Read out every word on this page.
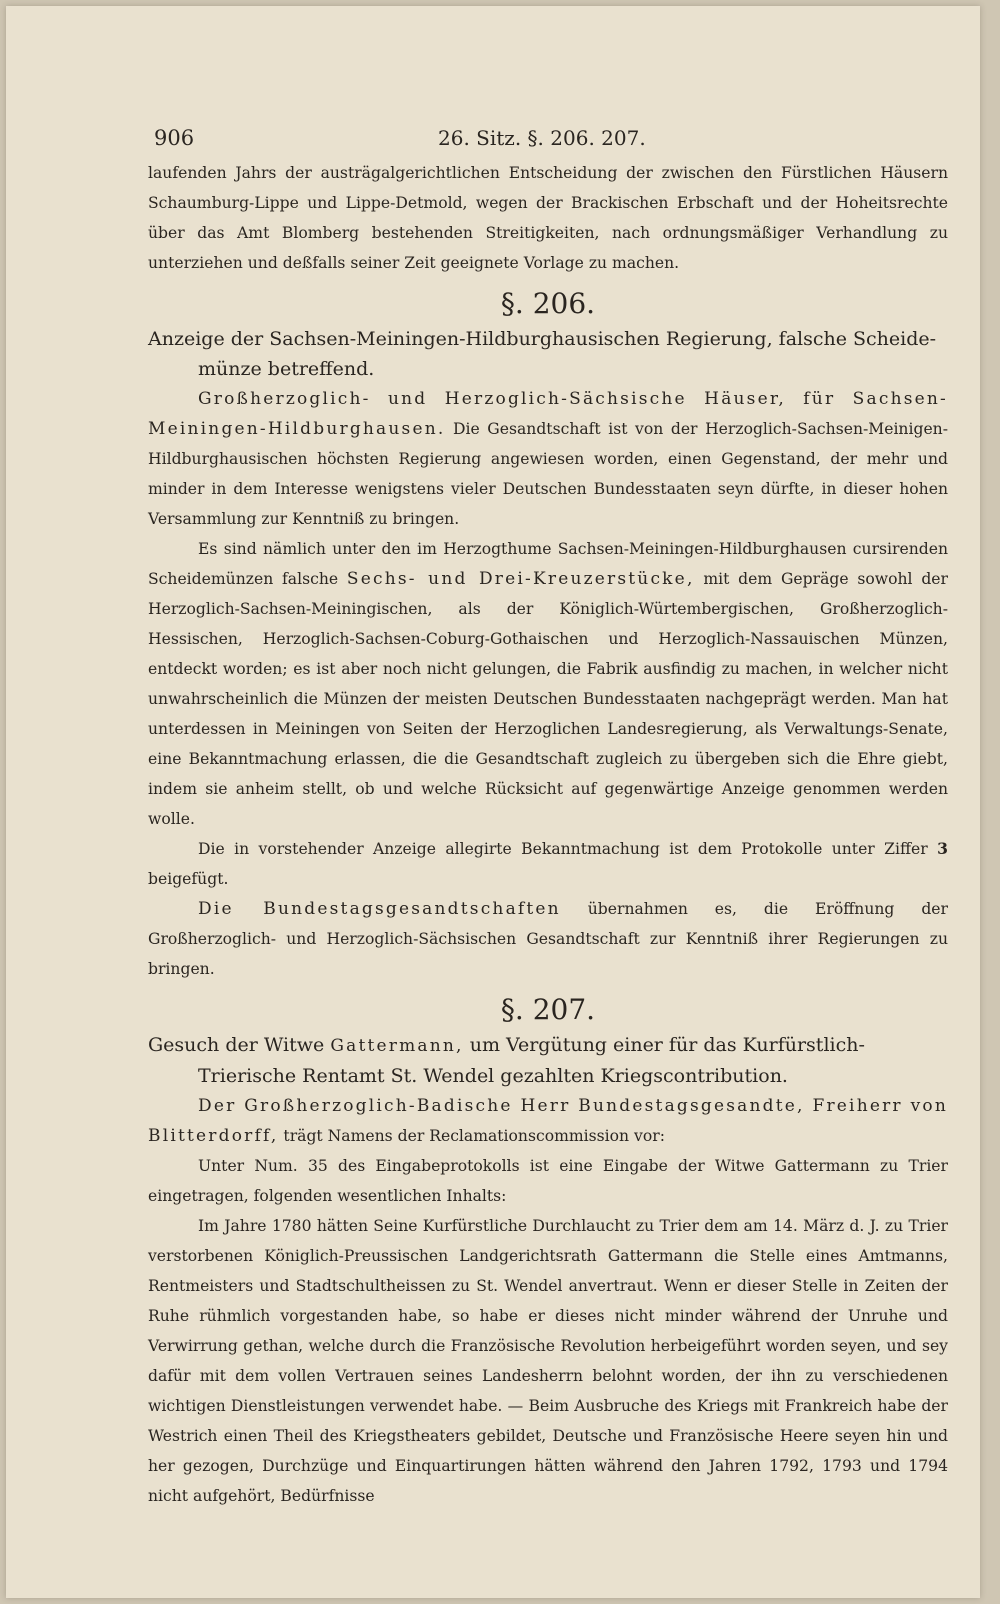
906	26. Sitz. §. 206. 207.

laufenden Jahrs der austrägalgerichtlichen Entscheidung der zwischen den Fürstlichen Häusern Schaumburg-Lippe und Lippe-Detmold, wegen der Brackischen Erbschaft und der Hoheitsrechte über das Amt Blomberg bestehenden Streitigkeiten, nach ordnungsmäßiger Verhandlung zu unterziehen und deßfalls seiner Zeit geeignete Vorlage zu machen.

§. 206.
Anzeige der Sachsen-Meiningen-Hildburghausischen Regierung, falsche Scheide-
münze betreffend.

Großherzoglich- und Herzoglich-Sächsische Häuser, für Sachsen-Meiningen-Hildburghausen. Die Gesandtschaft ist von der Herzoglich-Sachsen-Meinigen-Hildburghausischen höchsten Regierung angewiesen worden, einen Gegenstand, der mehr und minder in dem Interesse wenigstens vieler Deutschen Bundesstaaten seyn dürfte, in dieser hohen Versammlung zur Kenntniß zu bringen.

Es sind nämlich unter den im Herzogthume Sachsen-Meiningen-Hildburghausen cursirenden Scheidemünzen falsche Sechs- und Drei-Kreuzerstücke, mit dem Gepräge sowohl der Herzoglich-Sachsen-Meiningischen, als der Königlich-Würtembergischen, Großherzoglich-Hessischen, Herzoglich-Sachsen-Coburg-Gothaischen und Herzoglich-Nassauischen Münzen, entdeckt worden; es ist aber noch nicht gelungen, die Fabrik ausfindig zu machen, in welcher nicht unwahrscheinlich die Münzen der meisten Deutschen Bundesstaaten nachgeprägt werden. Man hat unterdessen in Meiningen von Seiten der Herzoglichen Landesregierung, als Verwaltungs-Senate, eine Bekanntmachung erlassen, die die Gesandtschaft zugleich zu übergeben sich die Ehre giebt, indem sie anheim stellt, ob und welche Rücksicht auf gegenwärtige Anzeige genommen werden wolle.

Die in vorstehender Anzeige allegirte Bekanntmachung ist dem Protokolle unter Ziffer 3 beigefügt.

Die Bundestagsgesandtschaften übernahmen es, die Eröffnung der Großherzoglich- und Herzoglich-Sächsischen Gesandtschaft zur Kenntniß ihrer Regierungen zu bringen.

§. 207.
Gesuch der Witwe Gattermann, um Vergütung einer für das Kurfürstlich-
Trierische Rentamt St. Wendel gezahlten Kriegscontribution.

Der Großherzoglich-Badische Herr Bundestagsgesandte, Freiherr von Blitterdorff, trägt Namens der Reclamationscommission vor:

Unter Num. 35 des Eingabeprotokolls ist eine Eingabe der Witwe Gattermann zu Trier eingetragen, folgenden wesentlichen Inhalts:

Im Jahre 1780 hätten Seine Kurfürstliche Durchlaucht zu Trier dem am 14. März d. J. zu Trier verstorbenen Königlich-Preussischen Landgerichtsrath Gattermann die Stelle eines Amtmanns, Rentmeisters und Stadtschultheissen zu St. Wendel anvertraut. Wenn er dieser Stelle in Zeiten der Ruhe rühmlich vorgestanden habe, so habe er dieses nicht minder während der Unruhe und Verwirrung gethan, welche durch die Französische Revolution herbeigeführt worden seyen, und sey dafür mit dem vollen Vertrauen seines Landesherrn belohnt worden, der ihn zu verschiedenen wichtigen Dienstleistungen verwendet habe. — Beim Ausbruche des Kriegs mit Frankreich habe der Westrich einen Theil des Kriegstheaters gebildet, Deutsche und Französische Heere seyen hin und her gezogen, Durchzüge und Einquartirungen hätten während den Jahren 1792, 1793 und 1794 nicht aufgehört, Bedürfnisse
